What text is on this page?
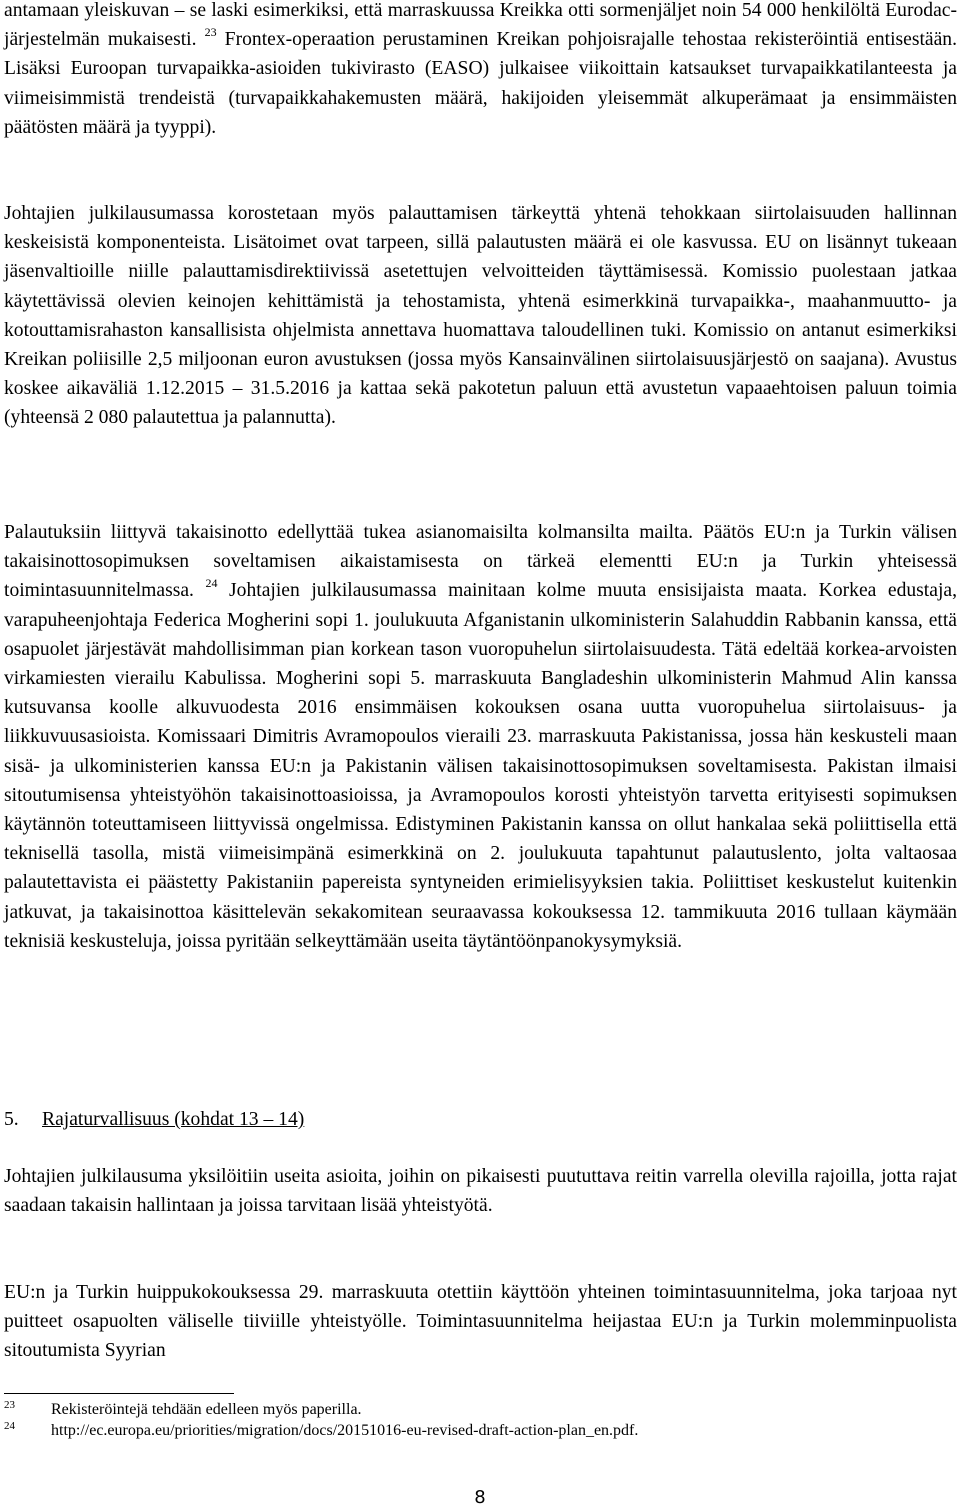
antamaan yleiskuvan – se laski esimerkiksi, että marraskuussa Kreikka otti sormenjäljet noin 54 000 henkilöltä Eurodac-järjestelmän mukaisesti. $^{23}$ Frontex-operaation perustaminen Kreikan pohjoisrajalle tehostaa rekisteröintiä entisestään. Lisäksi Euroopan turvapaikka-asioiden tukivirasto (EASO) julkaisee viikoittain katsaukset turvapaikkatilanteesta ja viimeisimmistä trendeistä (turvapaikkahakemusten määrä, hakijoiden yleisemmät alkuperämaat ja ensimmäisten päätösten määrä ja tyyppi).

Johtajien julkilausumassa korostetaan myös palauttamisen tärkeyttä yhtenä tehokkaan siirtolaisuuden hallinnan keskeisistä komponenteista. Lisätoimet ovat tarpeen, sillä palautusten määrä ei ole kasvussa. EU on lisännyt tukeaan jäsenvaltioille niille palauttamisdirektiivissä asetettujen velvoitteiden täyttämisessä. Komissio puolestaan jatkaa käytettävissä olevien keinojen kehittämistä ja tehostamista, yhtenä esimerkkinä turvapaikka-, maahanmuutto- ja kotouttamisrahaston kansallisista ohjelmista annettava huomattava taloudellinen tuki. Komissio on antanut esimerkiksi Kreikan poliisille 2,5 miljoonan euron avustuksen (jossa myös Kansainvälinen siirtolaisuusjärjestö on saajana). Avustus koskee aikaväliä 1.12.2015 – 31.5.2016 ja kattaa sekä pakotetun paluun että avustetun vapaaehtoisen paluun toimia (yhteensä 2 080 palautettua ja palannutta).

Palautuksiin liittyvä takaisinotto edellyttää tukea asianomaisilta kolmansilta mailta. Päätös EU:n ja Turkin välisen takaisinottosopimuksen soveltamisen aikaistamisesta on tärkeä elementti EU:n ja Turkin yhteisessä toimintasuunnitelmassa. $^{24}$ Johtajien julkilausumassa mainitaan kolme muuta ensisijaista maata. Korkea edustaja, varapuheenjohtaja Federica Mogherini sopi 1. joulukuuta Afganistanin ulkoministerin Salahuddin Rabbanin kanssa, että osapuolet järjestävät mahdollisimman pian korkean tason vuoropuhelun siirtolaisuudesta. Tätä edeltää korkea-arvoisten virkamiesten vierailu Kabulissa. Mogherini sopi 5. marraskuuta Bangladeshin ulkoministerin Mahmud Alin kanssa kutsuvansa koolle alkuvuodesta 2016 ensimmäisen kokouksen osana uutta vuoropuhelua siirtolaisuus- ja liikkuvuusasioista. Komissaari Dimitris Avramopoulos vieraili 23. marraskuuta Pakistanissa, jossa hän keskusteli maan sisä- ja ulkoministerien kanssa EU:n ja Pakistanin välisen takaisinottosopimuksen soveltamisesta. Pakistan ilmaisi sitoutumisensa yhteistyöhön takaisinottoasioissa, ja Avramopoulos korosti yhteistyön tarvetta erityisesti sopimuksen käytännön toteuttamiseen liittyvissä ongelmissa. Edistyminen Pakistanin kanssa on ollut hankalaa sekä poliittisella että teknisellä tasolla, mistä viimeisimpänä esimerkkinä on 2. joulukuuta tapahtunut palautuslento, jolta valtaosaa palautettavista ei päästetty Pakistaniin papereista syntyneiden erimielisyyksien takia. Poliittiset keskustelut kuitenkin jatkuvat, ja takaisinottoa käsittelevän sekakomitean seuraavassa kokouksessa 12. tammikuuta 2016 tullaan käymään teknisiä keskusteluja, joissa pyritään selkeyttämään useita täytäntöönpanokysymyksiä.

5. Rajaturvallisuus (kohdat 13 – 14)

Johtajien julkilausuma yksilöitiin useita asioita, joihin on pikaisesti puututtava reitin varrella olevilla rajoilla, jotta rajat saadaan takaisin hallintaan ja joissa tarvitaan lisää yhteistyötä.

EU:n ja Turkin huippukokouksessa 29. marraskuuta otettiin käyttöön yhteinen toimintasuunnitelma, joka tarjoaa nyt puitteet osapuolten väliselle tiiviille yhteistyölle. Toimintasuunnitelma heijastaa EU:n ja Turkin molemminpuolista sitoutumista Syyrian

23 Rekisteröintejä tehdään edelleen myös paperilla.
24 http://ec.europa.eu/priorities/migration/docs/20151016-eu-revised-draft-action-plan_en.pdf.
8
